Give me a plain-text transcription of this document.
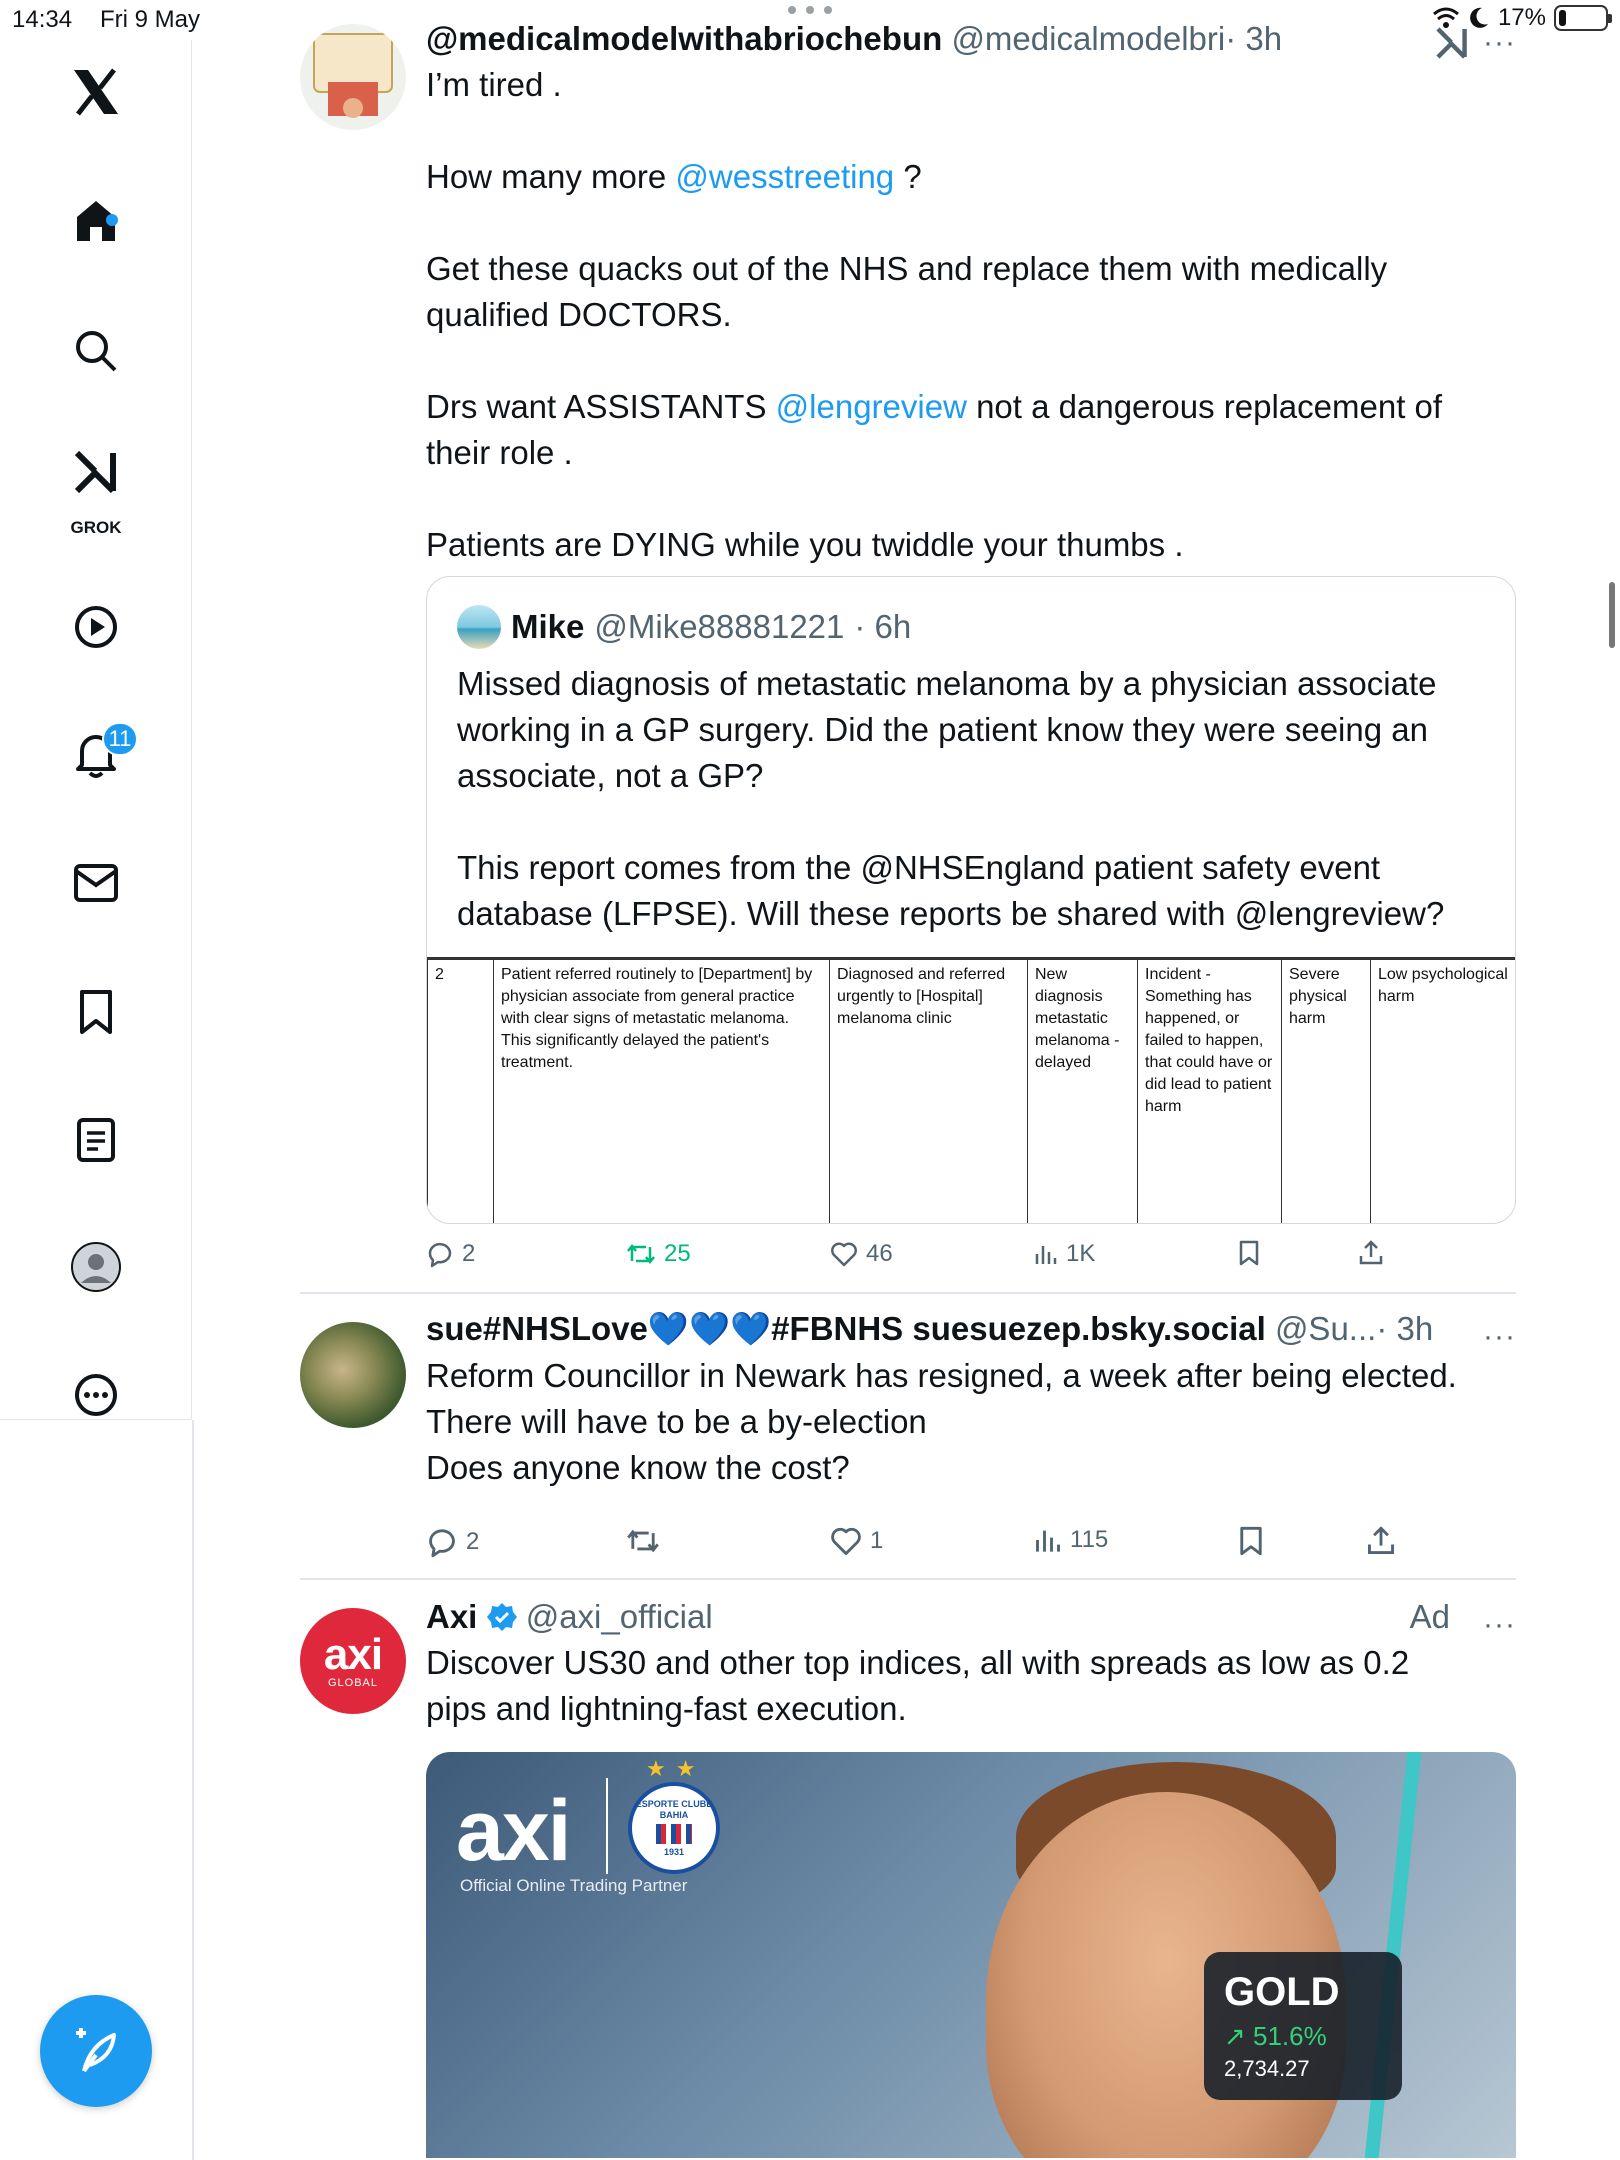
14:34 Fri 9 May	17%
GROK
11
@medicalmodelwithabriochebun @medicalmodelbri· 3h	···
I’m tired .
How many more @wesstreeting ?
Get these quacks out of the NHS and replace them with medically
qualified DOCTORS.
Drs want ASSISTANTS @lengreview not a dangerous replacement of
their role .
Patients are DYING while you twiddle your thumbs .
Mike @Mike88881221 · 6h
Missed diagnosis of metastatic melanoma by a physician associate
working in a GP surgery. Did the patient know they were seeing an
associate, not a GP?
This report comes from the @NHSEngland patient safety event
database (LFPSE). Will these reports be shared with @lengreview?
2	Patient referred routinely to [Department] by physician associate from general practice with clear signs of metastatic melanoma. This significantly delayed the patient's treatment.	Diagnosed and referred urgently to [Hospital] melanoma clinic	New diagnosis metastatic melanoma - delayed	Incident - Something has happened, or failed to happen, that could have or did lead to patient harm	Severe physical harm	Low psychological harm
2	25	46	1K
sue#NHSLove💙💙💙#FBNHS suesuezep.bsky.social @Su...· 3h	···
Reform Councillor in Newark has resigned, a week after being elected.
There will have to be a by-election
Does anyone know the cost?
2	1	115
axi
GLOBAL
Axi @axi_official	Ad ···
Discover US30 and other top indices, all with spreads as low as 0.2
pips and lightning-fast execution.
axi
★★
ESPORTE CLUBE BAHIA
1931
Official Online Trading Partner
GOLD
↗ 51.6%
2,734.27
